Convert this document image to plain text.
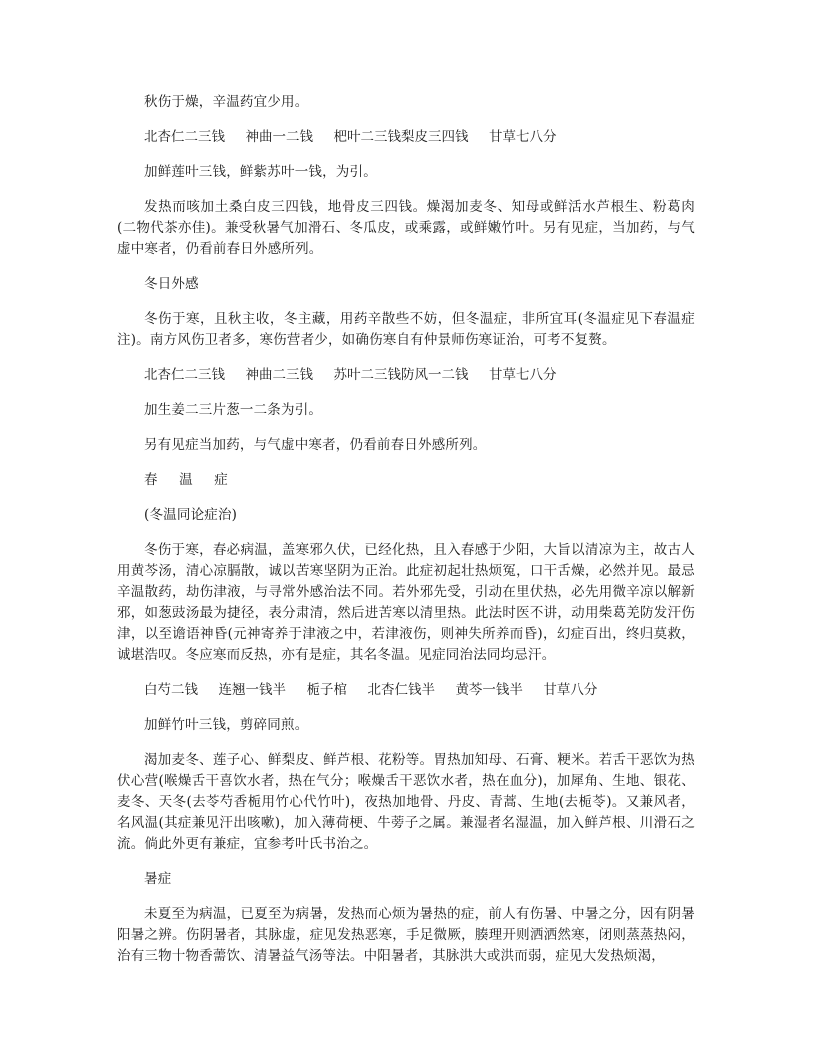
秋伤于燥，辛温药宜少用。

北杏仁二三钱 神曲一二钱 杷叶二三钱梨皮三四钱 甘草七八分

加鲜莲叶三钱，鲜紫苏叶一钱，为引。

发热而咳加土桑白皮三四钱，地骨皮三四钱。燥渴加麦冬、知母或鲜活水芦根生、粉葛肉(二物代茶亦佳)。兼受秋暑气加滑石、冬瓜皮，或乘露，或鲜嫩竹叶。另有见症，当加药，与气虚中寒者，仍看前春日外感所列。

冬日外感

冬伤于寒，且秋主收，冬主藏，用药辛散些不妨，但冬温症，非所宜耳(冬温症见下春温症注)。南方风伤卫者多，寒伤营者少，如确伤寒自有仲景师伤寒证治，可考不复赘。

北杏仁二三钱 神曲二三钱 苏叶二三钱防风一二钱 甘草七八分

加生姜二三片葱一二条为引。

另有见症当加药，与气虚中寒者，仍看前春日外感所列。

春温症

(冬温同论症治)

冬伤于寒，春必病温，盖寒邪久伏，已经化热，且入春感于少阳，大旨以清凉为主，故古人用黄芩汤，清心凉膈散，诚以苦寒坚阴为正治。此症初起壮热烦冤，口干舌燥，必然并见。最忌辛温散药，劫伤津液，与寻常外感治法不同。若外邪先受，引动在里伏热，必先用微辛凉以解新邪，如葱豉汤最为捷径，表分肃清，然后进苦寒以清里热。此法时医不讲，动用柴葛羌防发汗伤津，以至谵语神昏(元神寄养于津液之中，若津液伤，则神失所养而昏)，幻症百出，终归莫救，诚堪浩叹。冬应寒而反热，亦有是症，其名冬温。见症同治法同均忌汗。

白芍二钱 连翘一钱半 栀子棺 北杏仁钱半 黄芩一钱半 甘草八分

加鲜竹叶三钱，剪碎同煎。

渴加麦冬、莲子心、鲜梨皮、鲜芦根、花粉等。胃热加知母、石膏、粳米。若舌干恶饮为热伏心营(喉燥舌干喜饮水者，热在气分；喉燥舌干恶饮水者，热在血分)，加犀角、生地、银花、麦冬、天冬(去苓芍香栀用竹心代竹叶)，夜热加地骨、丹皮、青蒿、生地(去栀苓)。又兼风者，名风温(其症兼见汗出咳嗽)，加入薄荷梗、牛蒡子之属。兼湿者名湿温，加入鲜芦根、川滑石之流。倘此外更有兼症，宜参考叶氏书治之。

暑症

未夏至为病温，已夏至为病暑，发热而心烦为暑热的症，前人有伤暑、中暑之分，因有阴暑阳暑之辨。伤阴暑者，其脉虚，症见发热恶寒，手足微厥，腠理开则洒洒然寒，闭则蒸蒸热闷，治有三物十物香薷饮、清暑益气汤等法。中阳暑者，其脉洪大或洪而弱，症见大发热烦渴，
